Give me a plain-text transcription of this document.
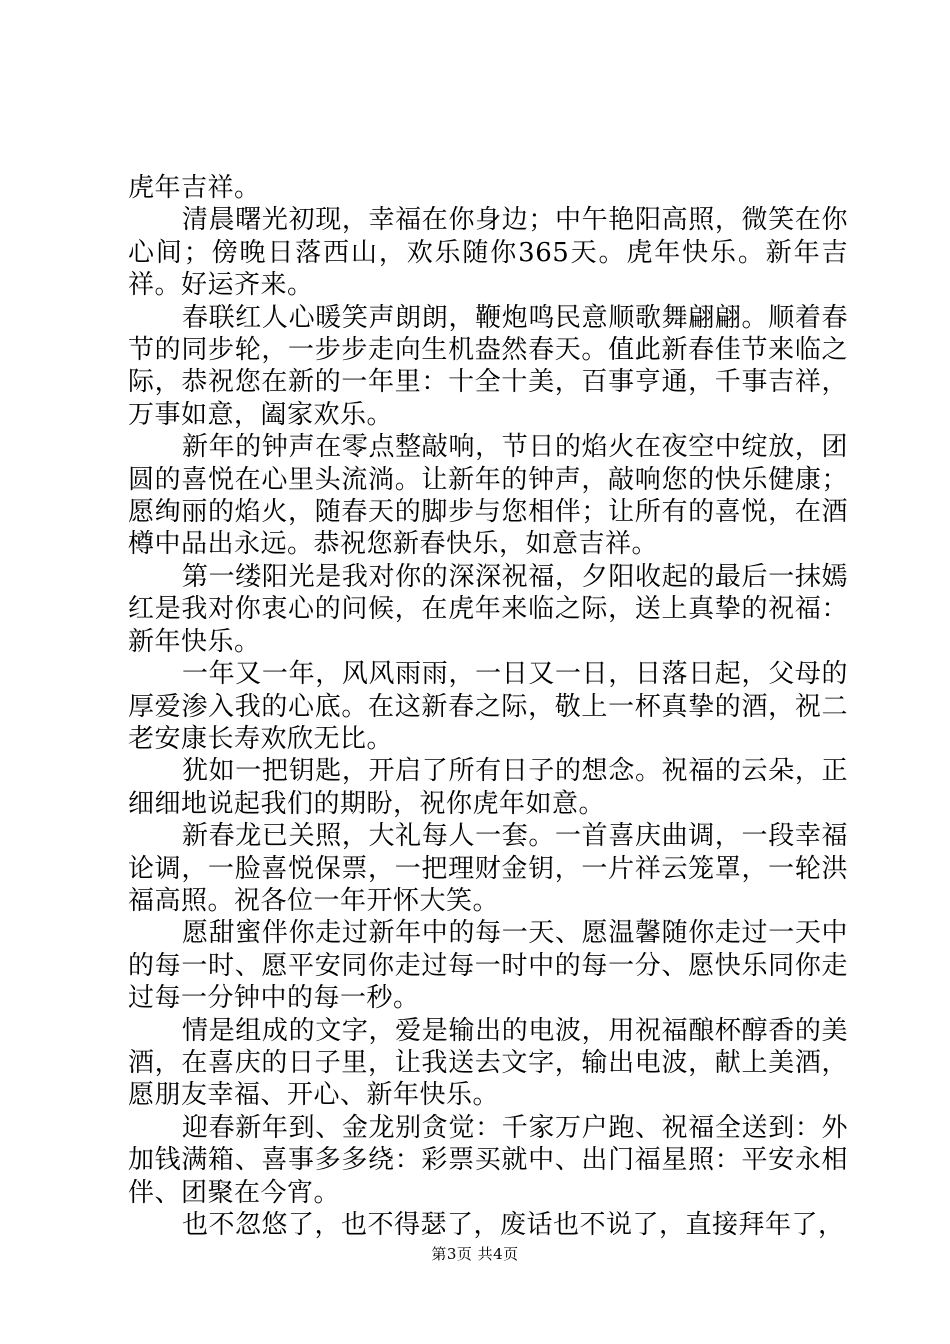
虎年吉祥。

清晨曙光初现，幸福在你身边；中午艳阳高照，微笑在你心间；傍晚日落西山，欢乐随你365天。虎年快乐。新年吉祥。好运齐来。

春联红人心暖笑声朗朗，鞭炮鸣民意顺歌舞翩翩。顺着春节的同步轮，一步步走向生机盎然春天。值此新春佳节来临之际，恭祝您在新的一年里：十全十美，百事亨通，千事吉祥，万事如意，阖家欢乐。

新年的钟声在零点整敲响，节日的焰火在夜空中绽放，团圆的喜悦在心里头流淌。让新年的钟声，敲响您的快乐健康；愿绚丽的焰火，随春天的脚步与您相伴；让所有的喜悦，在酒樽中品出永远。恭祝您新春快乐，如意吉祥。

第一缕阳光是我对你的深深祝福，夕阳收起的最后一抹嫣红是我对你衷心的问候，在虎年来临之际，送上真挚的祝福：新年快乐。

一年又一年，风风雨雨，一日又一日，日落日起，父母的厚爱渗入我的心底。在这新春之际，敬上一杯真挚的酒，祝二老安康长寿欢欣无比。

犹如一把钥匙，开启了所有日子的想念。祝福的云朵，正细细地说起我们的期盼，祝你虎年如意。

新春龙已关照，大礼每人一套。一首喜庆曲调，一段幸福论调，一脸喜悦保票，一把理财金钥，一片祥云笼罩，一轮洪福高照。祝各位一年开怀大笑。

愿甜蜜伴你走过新年中的每一天、愿温馨随你走过一天中的每一时、愿平安同你走过每一时中的每一分、愿快乐同你走过每一分钟中的每一秒。

情是组成的文字，爱是输出的电波，用祝福酿杯醇香的美酒，在喜庆的日子里，让我送去文字，输出电波，献上美酒，愿朋友幸福、开心、新年快乐。

迎春新年到、金龙别贪觉：千家万户跑、祝福全送到：外加钱满箱、喜事多多绕：彩票买就中、出门福星照：平安永相伴、团聚在今宵。

也不忽悠了，也不得瑟了，废话也不说了，直接拜年了，

第3页 共4页
